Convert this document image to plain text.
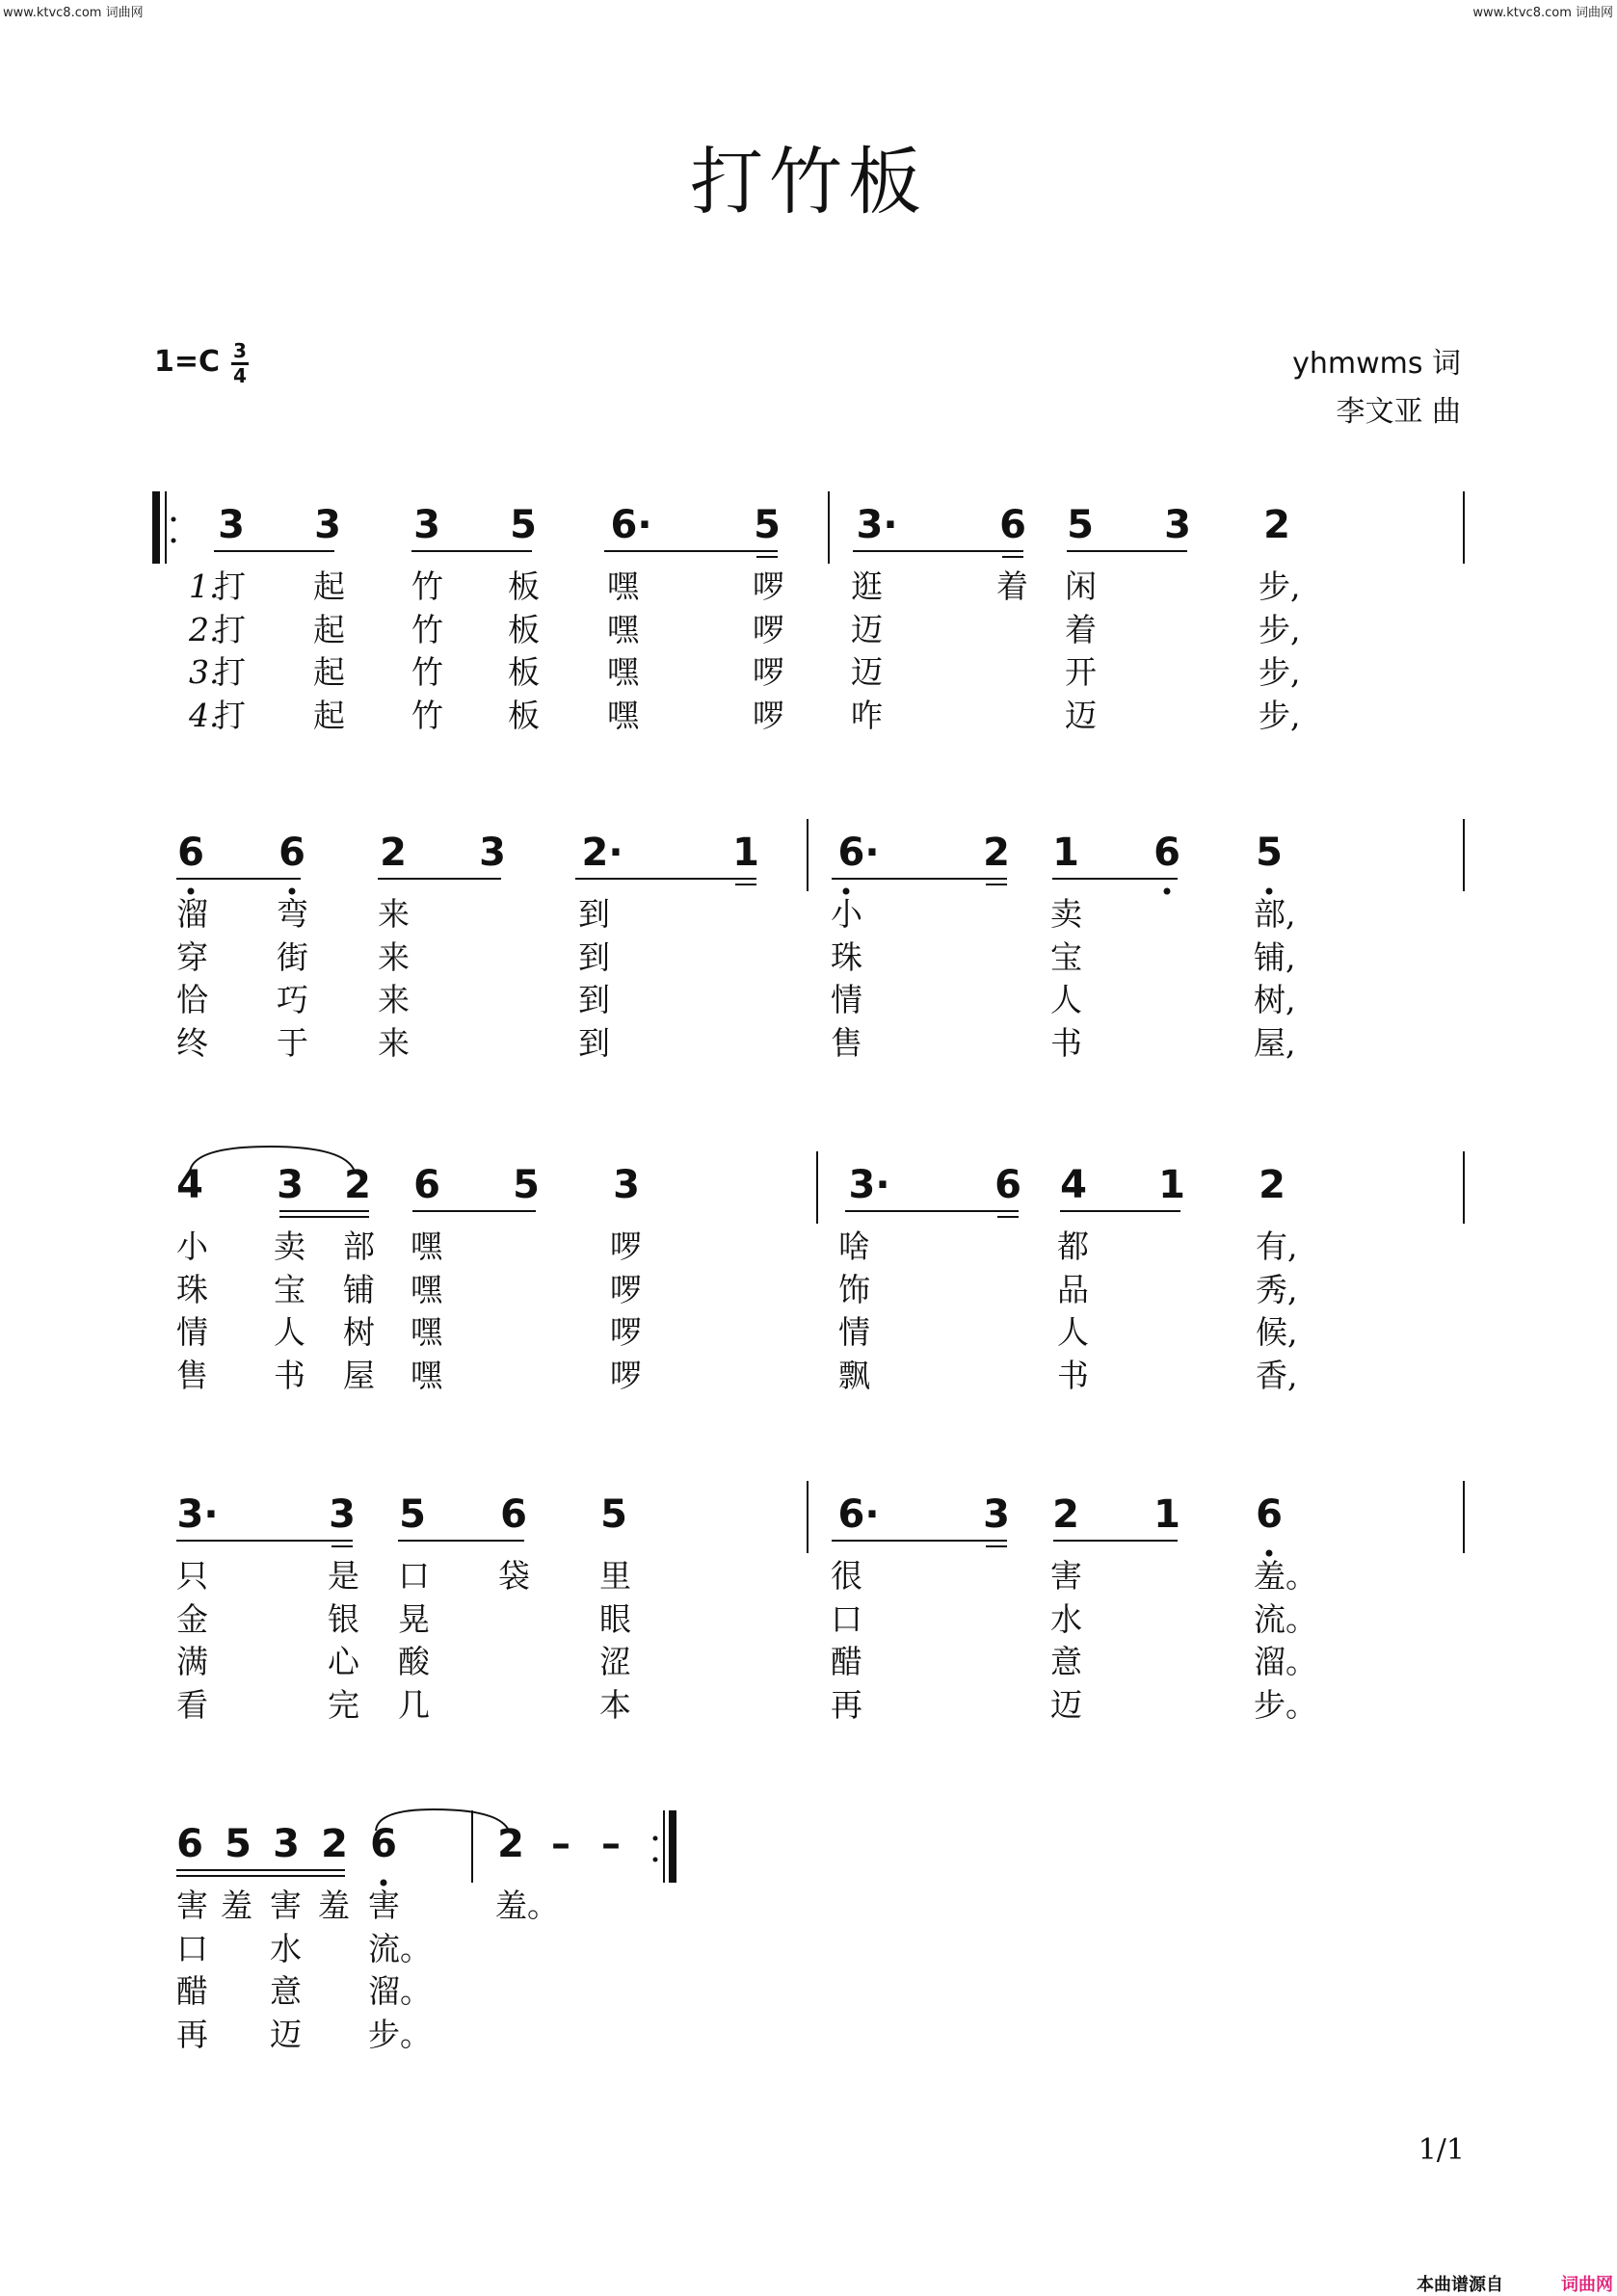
www.ktvc8.com 词曲网	www.ktvc8.com 词曲网
打竹板
1=C 3
4	yhmwms 词
李文亚 曲
3 3 3 5 6·	5 3·	6 5 3 2
1.
打 起 竹 板 嘿	啰 逛	着 闲	步,
2.
打 起 竹 板 嘿	啰 迈	着	步,
3.
打 起 竹 板 嘿	啰 迈	开	步,
4.
打 起 竹 板 嘿	啰 咋	迈	步,
6 6 2 3 2·	1 6·	2 1 6 5
溜 弯 来	到	小	卖	部,
穿 街 来	到	珠	宝	铺,
恰 巧 来	到	情	人	树,
终 于 来	到	售	书	屋,
4 3 2 6 5 3	3·	6 4 1 2
小 卖 部 嘿	啰	啥	都	有,
珠 宝 铺 嘿	啰	饰	品	秀,
情 人 树 嘿	啰	情	人	候,
售 书 屋 嘿	啰	飘	书	香,
3·	3 5 6 5	6·	3 2 1 6
只	是 口 袋 里	很	害	羞。
金	银 晃	眼	口	水	流。
满	心 酸	涩	醋	意	溜。
看	完 几	本	再	迈	步。
6 5 3 2 6	2 – –
害 羞 害 羞 害	羞。
口 水 流。
醋 意 溜。
再 迈 步。
1/1
本曲谱源自	词曲网
